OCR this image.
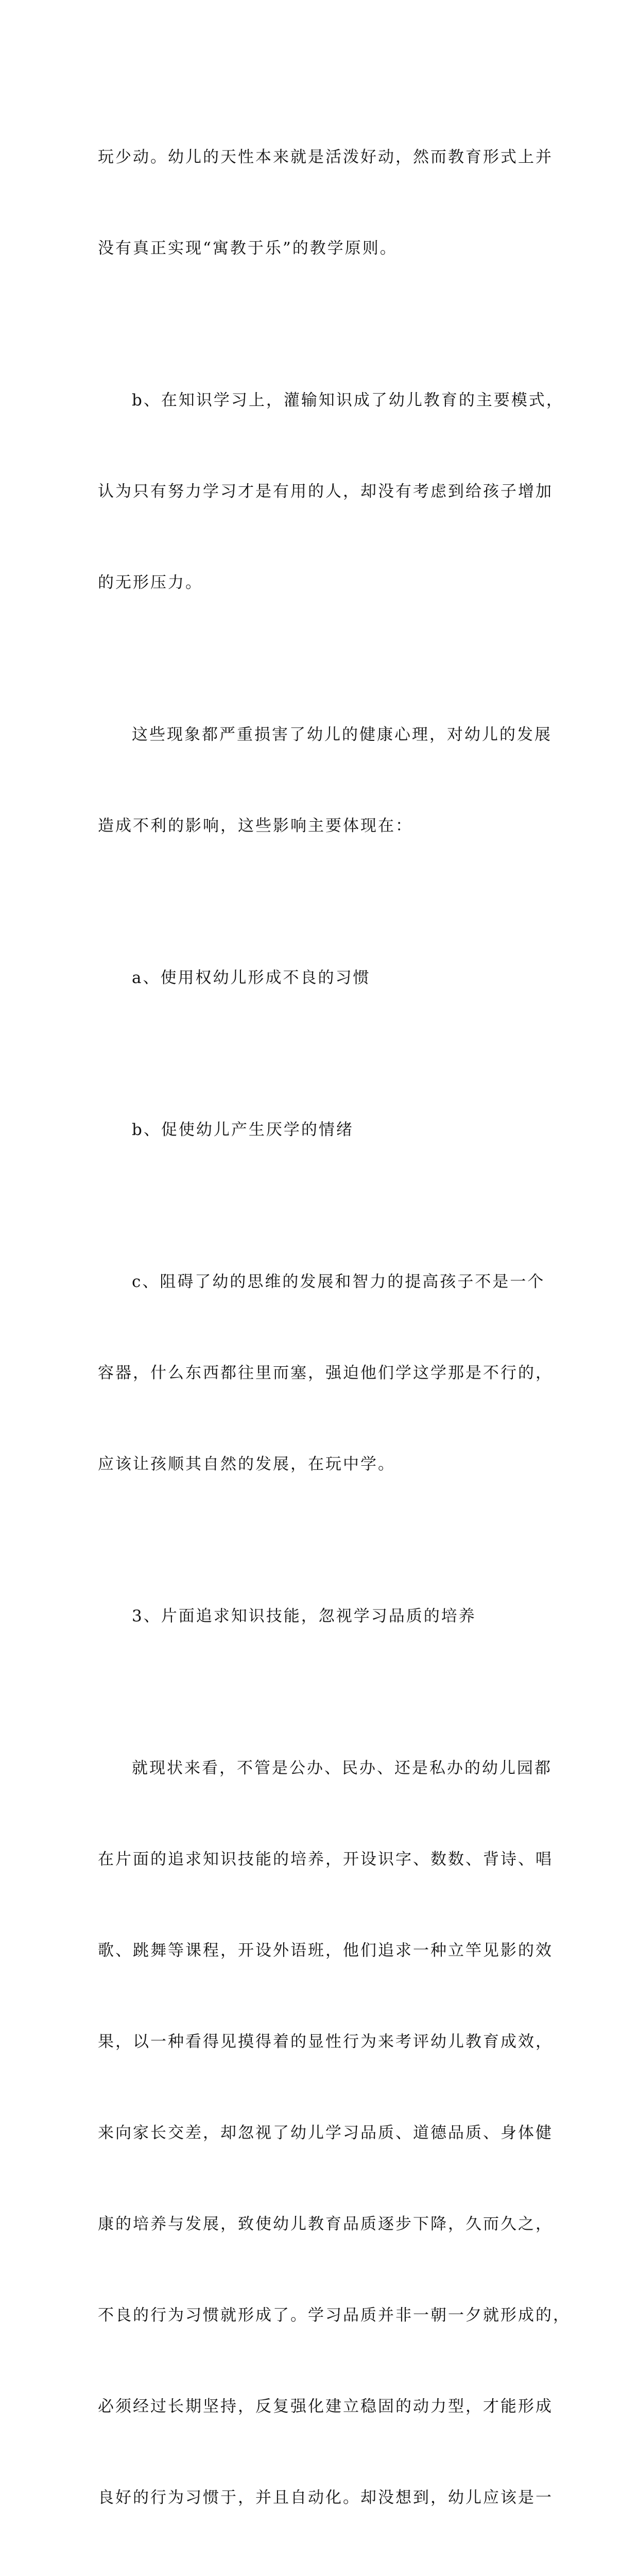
玩少动。幼儿的天性本来就是活泼好动，然而教育形式上并

没有真正实现“寓教于乐”的教学原则。

b、在知识学习上，灌输知识成了幼儿教育的主要模式，

认为只有努力学习才是有用的人，却没有考虑到给孩子增加

的无形压力。

这些现象都严重损害了幼儿的健康心理，对幼儿的发展

造成不利的影响，这些影响主要体现在：

a、使用权幼儿形成不良的习惯

b、促使幼儿产生厌学的情绪

c、阻碍了幼的思维的发展和智力的提高孩子不是一个

容器，什么东西都往里而塞，强迫他们学这学那是不行的，

应该让孩顺其自然的发展，在玩中学。

3、片面追求知识技能，忽视学习品质的培养

就现状来看，不管是公办、民办、还是私办的幼儿园都

在片面的追求知识技能的培养，开设识字、数数、背诗、唱

歌、跳舞等课程，开设外语班，他们追求一种立竿见影的效

果，以一种看得见摸得着的显性行为来考评幼儿教育成效，

来向家长交差，却忽视了幼儿学习品质、道德品质、身体健

康的培养与发展，致使幼儿教育品质逐步下降，久而久之，

不良的行为习惯就形成了。学习品质并非一朝一夕就形成的，

必须经过长期坚持，反复强化建立稳固的动力型，才能形成

良好的行为习惯于，并且自动化。却没想到，幼儿应该是一
